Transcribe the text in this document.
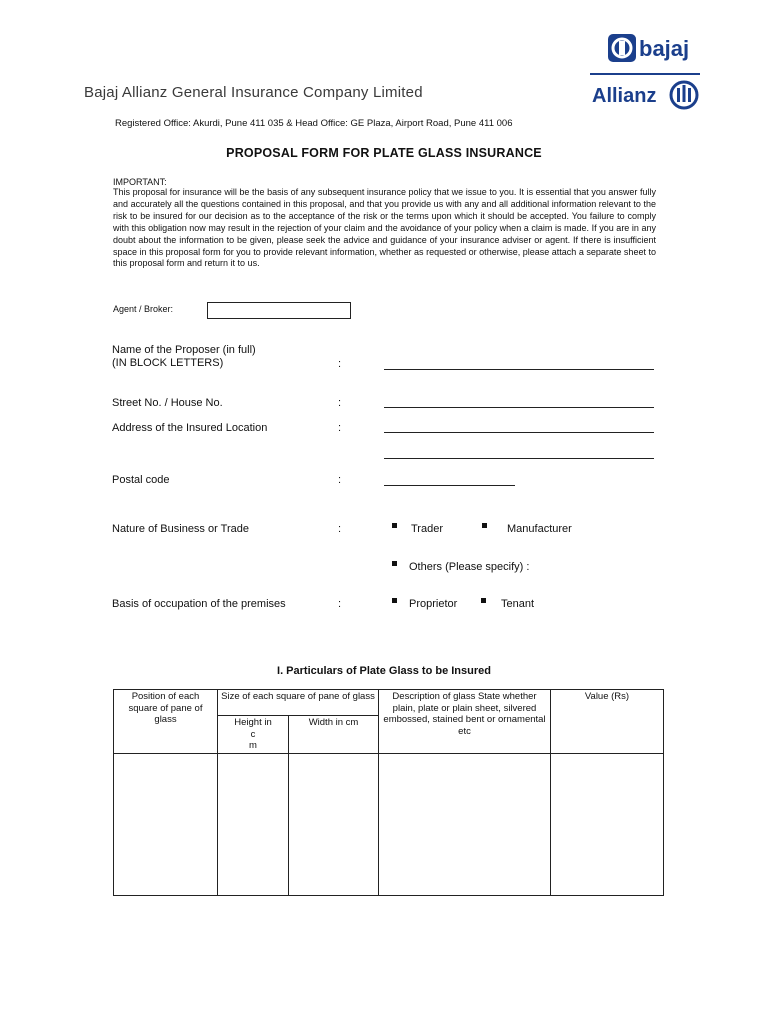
Bajaj Allianz General Insurance Company Limited
bajaj
Allianz
Registered Office: Akurdi, Pune 411 035 & Head Office: GE Plaza, Airport Road, Pune 411 006
PROPOSAL FORM FOR PLATE GLASS INSURANCE
IMPORTANT:
This proposal for insurance will be the basis of any subsequent insurance policy that we issue to you. It is essential that you answer fully and accurately all the questions contained in this proposal, and that you provide us with any and all additional information relevant to the risk to be insured for our decision as to the acceptance of the risk or the terms upon which it should be accepted. You failure to comply with this obligation now may result in the rejection of your claim and the avoidance of your policy when a claim is made. If you are in any doubt about the information to be given, please seek the advice and guidance of your insurance adviser or agent. If there is insufficient space in this proposal form for you to provide relevant information, whether as requested or otherwise, please attach a separate sheet to this proposal form and return it to us.
Agent / Broker:
Name of the Proposer (in full)
(IN BLOCK LETTERS)	:
Street No. / House No.	:
Address of the Insured Location	:
Postal code	:
Nature of Business or Trade	:	Trader	Manufacturer
Others (Please specify) :
Basis of occupation of the premises	:	Proprietor	Tenant
I. Particulars of Plate Glass to be Insured
Position of each square of pane of glass	Size of each square of pane of glass		Description of glass State whether plain, plate or plain sheet, silvered embossed, stained bent or ornamental etc	Value (Rs)

	Height in
c
m	Width in cm		
